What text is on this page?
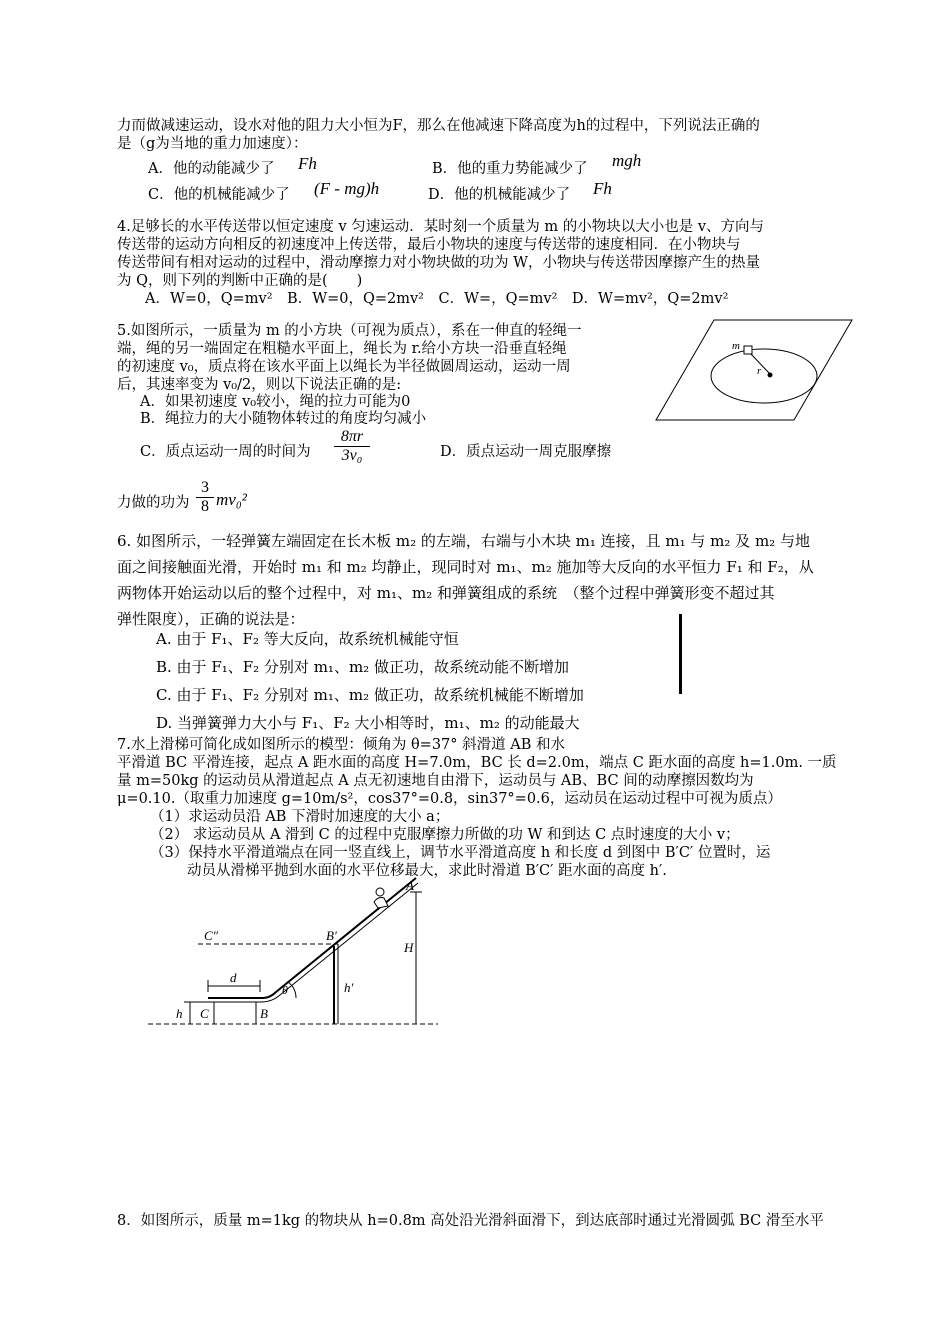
力而做减速运动，设水对他的阻力大小恒为F，那么在他减速下降高度为h的过程中，下列说法正确的
是（g为当地的重力加速度）：
A．他的动能减少了 Fh	B．他的重力势能减少了 mgh
C．他的机械能减少了 (F - mg)h	D．他的机械能减少了 Fh
4.足够长的水平传送带以恒定速度 v 匀速运动．某时刻一个质量为 m 的小物块以大小也是 v、方向与
传送带的运动方向相反的初速度冲上传送带，最后小物块的速度与传送带的速度相同．在小物块与
传送带间有相对运动的过程中，滑动摩擦力对小物块做的功为 W，小物块与传送带因摩擦产生的热量
为 Q，则下列的判断中正确的是(　　)
A．W=0，Q=mv²　B．W=0，Q=2mv²　C．W=，Q=mv²　D．W=mv²，Q=2mv²
5.如图所示，一质量为 m 的小方块（可视为质点），系在一伸直的轻绳一
端，绳的另一端固定在粗糙水平面上，绳长为 r.给小方块一沿垂直轻绳
的初速度 v₀，质点将在该水平面上以绳长为半径做圆周运动，运动一周
后，其速率变为 v₀/2，则以下说法正确的是:
A．如果初速度 v₀较小，绳的拉力可能为0
B．绳拉力的大小随物体转过的角度均匀减小
C．质点运动一周的时间为 $\frac{8\pi r}{\text{3v₀}}$	D．质点运动一周克服摩擦
力做的功为 $\frac{3}{8} mv_0^2$
m
r
6. 如图所示，一轻弹簧左端固定在长木板 m₂ 的左端，右端与小木块 m₁ 连接，且 m₁ 与 m₂ 及 m₂ 与地
面之间接触面光滑，开始时 m₁ 和 m₂ 均静止，现同时对 m₁、m₂ 施加等大反向的水平恒力 F₁ 和 F₂，从
两物体开始运动以后的整个过程中，对 m₁、m₂ 和弹簧组成的系统　（整个过程中弹簧形变不超过其
弹性限度），正确的说法是：
A. 由于 F₁、F₂ 等大反向，故系统机械能守恒
B. 由于 F₁、F₂ 分别对 m₁、m₂ 做正功，故系统动能不断增加
C. 由于 F₁、F₂ 分别对 m₁、m₂ 做正功，故系统机械能不断增加
D. 当弹簧弹力大小与 F₁、F₂ 大小相等时，m₁、m₂ 的动能最大
7.水上滑梯可简化成如图所示的模型：倾角为 θ=37° 斜滑道 AB 和水
平滑道 BC 平滑连接，起点 A 距水面的高度 H=7.0m，BC 长 d=2.0m，端点 C 距水面的高度 h=1.0m. 一质
量 m=50kg 的运动员从滑道起点 A 点无初速地自由滑下，运动员与 AB、BC 间的动摩擦因数均为
μ=0.10.（取重力加速度 g=10m/s²，cos37°=0.8，sin37°=0.6，运动员在运动过程中可视为质点）
（1）求运动员沿 AB 下滑时加速度的大小 a；
（2） 求运动员从 A 滑到 C 的过程中克服摩擦力所做的功 W 和到达 C 点时速度的大小 v；
（3）保持水平滑道端点在同一竖直线上，调节水平滑道高度 h 和长度 d 到图中 B′C′ 位置时，运
动员从滑梯平抛到水面的水平位移最大，求此时滑道 B′C′ 距水面的高度 h′.
A
B
C
B′
C″
H
h′
h
d
θ
8．如图所示，质量 m=1kg 的物块从 h=0.8m 高处沿光滑斜面滑下，到达底部时通过光滑圆弧 BC 滑至水平
